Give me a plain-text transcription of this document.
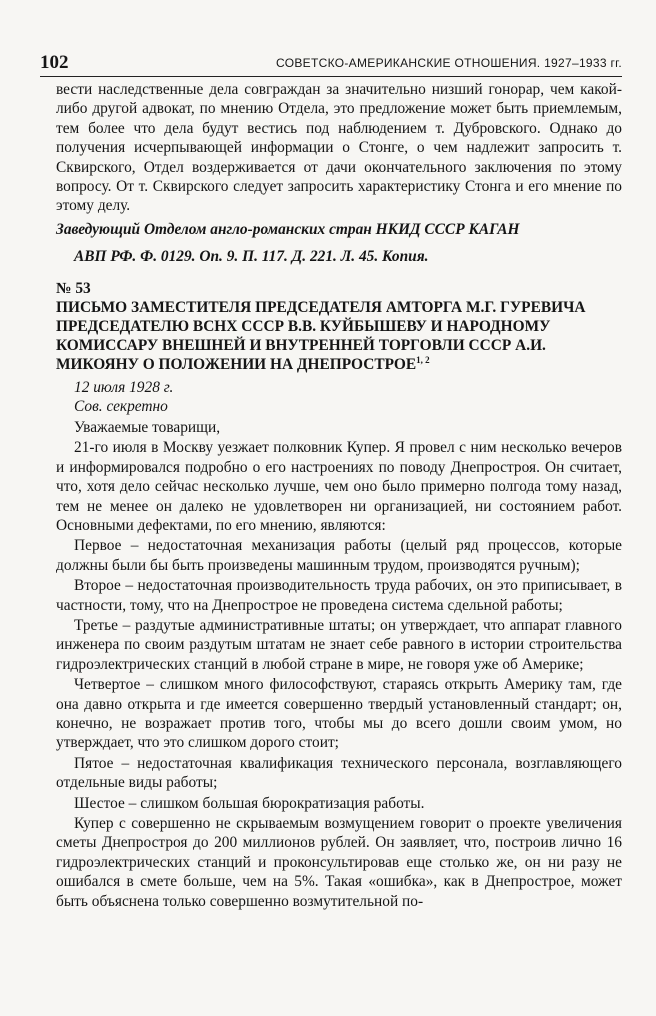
102	СОВЕТСКО-АМЕРИКАНСКИЕ ОТНОШЕНИЯ. 1927–1933 гг.

вести наследственные дела совграждан за значительно низший гонорар, чем какой-либо другой адвокат, по мнению Отдела, это предложение может быть приемлемым, тем более что дела будут вестись под наблюдением т. Дубровского. Однако до получения исчерпывающей информации о Стонге, о чем надлежит запросить т. Сквирского, Отдел воздерживается от дачи окончательного заключения по этому вопросу. От т. Сквирского следует запросить характеристику Стонга и его мнение по этому делу.

Заведующий Отделом англо-романских стран НКИД СССР КАГАН

АВП РФ. Ф. 0129. Оп. 9. П. 117. Д. 221. Л. 45. Копия.

№ 53

ПИСЬМО ЗАМЕСТИТЕЛЯ ПРЕДСЕДАТЕЛЯ АМТОРГА М.Г. ГУРЕВИЧА ПРЕДСЕДАТЕЛЮ ВСНХ СССР В.В. КУЙБЫШЕВУ И НАРОДНОМУ КОМИССАРУ ВНЕШНЕЙ И ВНУТРЕННЕЙ ТОРГОВЛИ СССР А.И. МИКОЯНУ О ПОЛОЖЕНИИ НА ДНЕПРОСТРОЕ$^{1, 2}$

12 июля 1928 г.

Сов. секретно

Уважаемые товарищи,

21-го июля в Москву уезжает полковник Купер. Я провел с ним несколько вечеров и информировался подробно о его настроениях по поводу Днепростроя. Он считает, что, хотя дело сейчас несколько лучше, чем оно было примерно полгода тому назад, тем не менее он далеко не удовлетворен ни организацией, ни состоянием работ. Основными дефектами, по его мнению, являются:

Первое – недостаточная механизация работы (целый ряд процессов, которые должны были бы быть произведены машинным трудом, производятся ручным);

Второе – недостаточная производительность труда рабочих, он это приписывает, в частности, тому, что на Днепрострое не проведена система сдельной работы;

Третье – раздутые административные штаты; он утверждает, что аппарат главного инженера по своим раздутым штатам не знает себе равного в истории строительства гидроэлектрических станций в любой стране в мире, не говоря уже об Америке;

Четвертое – слишком много философствуют, стараясь открыть Америку там, где она давно открыта и где имеется совершенно твердый установленный стандарт; он, конечно, не возражает против того, чтобы мы до всего дошли своим умом, но утверждает, что это слишком дорого стоит;

Пятое – недостаточная квалификация технического персонала, возглавляющего отдельные виды работы;

Шестое – слишком большая бюрократизация работы.

Купер с совершенно не скрываемым возмущением говорит о проекте увеличения сметы Днепростроя до 200 миллионов рублей. Он заявляет, что, построив лично 16 гидроэлектрических станций и проконсультировав еще столько же, он ни разу не ошибался в смете больше, чем на 5%. Такая «ошибка», как в Днепрострое, может быть объяснена только совершенно возмутительной по-
